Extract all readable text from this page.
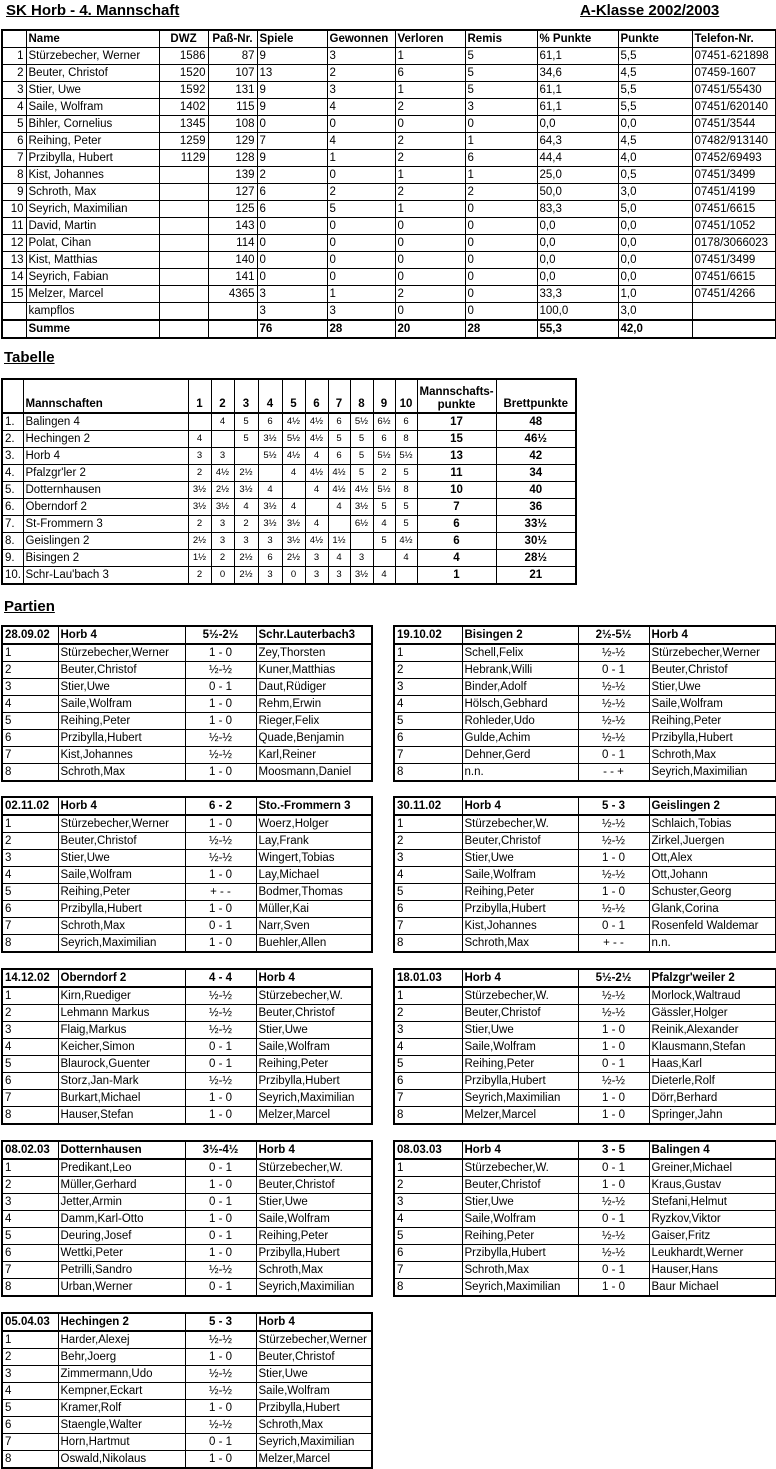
SK Horb - 4. Mannschaft	A-Klasse 2002/2003
	Name	DWZ	Paß-Nr.	Spiele	Gewonnen	Verloren	Remis	% Punkte	Punkte	Telefon-Nr.
1	Stürzebecher, Werner	1586	87	9	3	1	5	61,1	5,5	07451-621898
2	Beuter, Christof	1520	107	13	2	6	5	34,6	4,5	07459-1607
3	Stier, Uwe	1592	131	9	3	1	5	61,1	5,5	07451/55430
4	Saile, Wolfram	1402	115	9	4	2	3	61,1	5,5	07451/620140
5	Bihler, Cornelius	1345	108	0	0	0	0	0,0	0,0	07451/3544
6	Reihing, Peter	1259	129	7	4	2	1	64,3	4,5	07482/913140
7	Przibylla, Hubert	1129	128	9	1	2	6	44,4	4,0	07452/69493
8	Kist, Johannes		139	2	0	1	1	25,0	0,5	07451/3499
9	Schroth, Max		127	6	2	2	2	50,0	3,0	07451/4199
10	Seyrich, Maximilian		125	6	5	1	0	83,3	5,0	07451/6615
11	David, Martin		143	0	0	0	0	0,0	0,0	07451/1052
12	Polat, Cihan		114	0	0	0	0	0,0	0,0	0178/3066023
13	Kist, Matthias		140	0	0	0	0	0,0	0,0	07451/3499
14	Seyrich, Fabian		141	0	0	0	0	0,0	0,0	07451/6615
15	Melzer, Marcel		4365	3	1	2	0	33,3	1,0	07451/4266
	kampflos			3	3	0	0	100,0	3,0	
	Summe			76	28	20	28	55,3	42,0	
Tabelle
	Mannschaften	1	2	3	4	5	6	7	8	9	10	Mannschafts-punkte	Brettpunkte
1.	Balingen 4		4	5	6	4½	4½	6	5½	6½	6	17	48
2.	Hechingen 2	4		5	3½	5½	4½	5	5	6	8	15	46½
3.	Horb 4	3	3		5½	4½	4	6	5	5½	5½	13	42
4.	Pfalzgr'ler 2	2	4½	2½		4	4½	4½	5	2	5	11	34
5.	Dotternhausen	3½	2½	3½	4		4	4½	4½	5½	8	10	40
6.	Oberndorf 2	3½	3½	4	3½	4		4	3½	5	5	7	36
7.	St-Frommern 3	2	3	2	3½	3½	4		6½	4	5	6	33½
8.	Geislingen 2	2½	3	3	3	3½	4½	1½		5	4½	6	30½
9.	Bisingen 2	1½	2	2½	6	2½	3	4	3		4	4	28½
10.	Schr-Lau'bach 3	2	0	2½	3	0	3	3	3½	4		1	21
Partien
28.09.02	Horb 4	5½-2½	Schr.Lauterbach3
1	Stürzebecher,Werner	1 - 0	Zey,Thorsten
2	Beuter,Christof	½-½	Kuner,Matthias
3	Stier,Uwe	0 - 1	Daut,Rüdiger
4	Saile,Wolfram	1 - 0	Rehm,Erwin
5	Reihing,Peter	1 - 0	Rieger,Felix
6	Przibylla,Hubert	½-½	Quade,Benjamin
7	Kist,Johannes	½-½	Karl,Reiner
8	Schroth,Max	1 - 0	Moosmann,Daniel
19.10.02	Bisingen 2	2½-5½	Horb 4
1	Schell,Felix	½-½	Stürzebecher,Werner
2	Hebrank,Willi	0 - 1	Beuter,Christof
3	Binder,Adolf	½-½	Stier,Uwe
4	Hölsch,Gebhard	½-½	Saile,Wolfram
5	Rohleder,Udo	½-½	Reihing,Peter
6	Gulde,Achim	½-½	Przibylla,Hubert
7	Dehner,Gerd	0 - 1	Schroth,Max
8	n.n.	- - +	Seyrich,Maximilian
02.11.02	Horb 4	6 - 2	Sto.-Frommern 3
1	Stürzebecher,Werner	1 - 0	Woerz,Holger
2	Beuter,Christof	½-½	Lay,Frank
3	Stier,Uwe	½-½	Wingert,Tobias
4	Saile,Wolfram	1 - 0	Lay,Michael
5	Reihing,Peter	+ - -	Bodmer,Thomas
6	Przibylla,Hubert	1 - 0	Müller,Kai
7	Schroth,Max	0 - 1	Narr,Sven
8	Seyrich,Maximilian	1 - 0	Buehler,Allen
30.11.02	Horb 4	5 - 3	Geislingen 2
1	Stürzebecher,W.	½-½	Schlaich,Tobias
2	Beuter,Christof	½-½	Zirkel,Juergen
3	Stier,Uwe	1 - 0	Ott,Alex
4	Saile,Wolfram	½-½	Ott,Johann
5	Reihing,Peter	1 - 0	Schuster,Georg
6	Przibylla,Hubert	½-½	Glank,Corina
7	Kist,Johannes	0 - 1	Rosenfeld Waldemar
8	Schroth,Max	+ - -	n.n.
14.12.02	Oberndorf 2	4 - 4	Horb 4
1	Kirn,Ruediger	½-½	Stürzebecher,W.
2	Lehmann Markus	½-½	Beuter,Christof
3	Flaig,Markus	½-½	Stier,Uwe
4	Keicher,Simon	0 - 1	Saile,Wolfram
5	Blaurock,Guenter	0 - 1	Reihing,Peter
6	Storz,Jan-Mark	½-½	Przibylla,Hubert
7	Burkart,Michael	1 - 0	Seyrich,Maximilian
8	Hauser,Stefan	1 - 0	Melzer,Marcel
18.01.03	Horb 4	5½-2½	Pfalzgr'weiler 2
1	Stürzebecher,W.	½-½	Morlock,Waltraud
2	Beuter,Christof	½-½	Gässler,Holger
3	Stier,Uwe	1 - 0	Reinik,Alexander
4	Saile,Wolfram	1 - 0	Klausmann,Stefan
5	Reihing,Peter	0 - 1	Haas,Karl
6	Przibylla,Hubert	½-½	Dieterle,Rolf
7	Seyrich,Maximilian	1 - 0	Dörr,Berhard
8	Melzer,Marcel	1 - 0	Springer,Jahn
08.02.03	Dotternhausen	3½-4½	Horb 4
1	Predikant,Leo	0 - 1	Stürzebecher,W.
2	Müller,Gerhard	1 - 0	Beuter,Christof
3	Jetter,Armin	0 - 1	Stier,Uwe
4	Damm,Karl-Otto	1 - 0	Saile,Wolfram
5	Deuring,Josef	0 - 1	Reihing,Peter
6	Wettki,Peter	1 - 0	Przibylla,Hubert
7	Petrilli,Sandro	½-½	Schroth,Max
8	Urban,Werner	0 - 1	Seyrich,Maximilian
08.03.03	Horb 4	3 - 5	Balingen 4
1	Stürzebecher,W.	0 - 1	Greiner,Michael
2	Beuter,Christof	1 - 0	Kraus,Gustav
3	Stier,Uwe	½-½	Stefani,Helmut
4	Saile,Wolfram	0 - 1	Ryzkov,Viktor
5	Reihing,Peter	½-½	Gaiser,Fritz
6	Przibylla,Hubert	½-½	Leukhardt,Werner
7	Schroth,Max	0 - 1	Hauser,Hans
8	Seyrich,Maximilian	1 - 0	Baur Michael
05.04.03	Hechingen 2	5 - 3	Horb 4
1	Harder,Alexej	½-½	Stürzebecher,Werner
2	Behr,Joerg	1 - 0	Beuter,Christof
3	Zimmermann,Udo	½-½	Stier,Uwe
4	Kempner,Eckart	½-½	Saile,Wolfram
5	Kramer,Rolf	1 - 0	Przibylla,Hubert
6	Staengle,Walter	½-½	Schroth,Max
7	Horn,Hartmut	0 - 1	Seyrich,Maximilian
8	Oswald,Nikolaus	1 - 0	Melzer,Marcel
